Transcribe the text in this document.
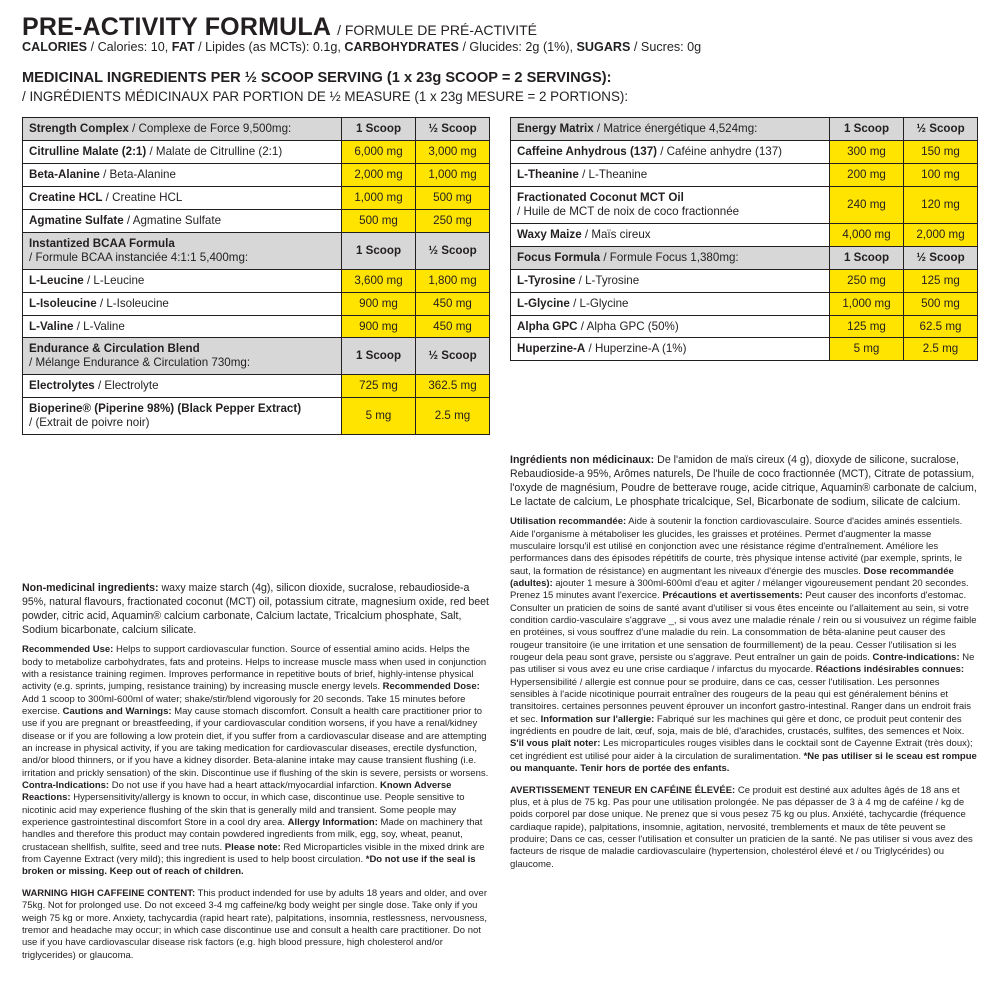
PRE-ACTIVITY FORMULA / FORMULE DE PRÉ-ACTIVITÉ
CALORIES / Calories: 10, FAT / Lipides (as MCTs): 0.1g, CARBOHYDRATES / Glucides: 2g (1%), SUGARS / Sucres: 0g
MEDICINAL INGREDIENTS PER ½ SCOOP SERVING (1 x 23g SCOOP = 2 SERVINGS):
/ INGRÉDIENTS MÉDICINAUX PAR PORTION DE ½ MEASURE (1 x 23g MESURE = 2 PORTIONS):
Strength Complex / Complexe de Force 9,500mg:	1 Scoop	½ Scoop
Citrulline Malate (2:1) / Malate de Citrulline (2:1)	6,000 mg	3,000 mg
Beta-Alanine / Beta-Alanine	2,000 mg	1,000 mg
Creatine HCL / Creatine HCL	1,000 mg	500 mg
Agmatine Sulfate / Agmatine Sulfate	500 mg	250 mg
Instantized BCAA Formula
/ Formule BCAA instanciée 4:1:1 5,400mg:	1 Scoop	½ Scoop
L-Leucine / L-Leucine	3,600 mg	1,800 mg
L-Isoleucine / L-Isoleucine	900 mg	450 mg
L-Valine / L-Valine	900 mg	450 mg
Endurance & Circulation Blend
/ Mélange Endurance & Circulation 730mg:	1 Scoop	½ Scoop
Electrolytes / Electrolyte	725 mg	362.5 mg
Bioperine® (Piperine 98%) (Black Pepper Extract)
/ (Extrait de poivre noir)	5 mg	2.5 mg
Energy Matrix / Matrice énergétique 4,524mg:	1 Scoop	½ Scoop
Caffeine Anhydrous (137) / Caféine anhydre (137)	300 mg	150 mg
L-Theanine / L-Theanine	200 mg	100 mg
Fractionated Coconut MCT Oil
/ Huile de MCT de noix de coco fractionnée	240 mg	120 mg
Waxy Maize / Maïs cireux	4,000 mg	2,000 mg
Focus Formula / Formule Focus 1,380mg:	1 Scoop	½ Scoop
L-Tyrosine / L-Tyrosine	250 mg	125 mg
L-Glycine / L-Glycine	1,000 mg	500 mg
Alpha GPC / Alpha GPC (50%)	125 mg	62.5 mg
Huperzine-A / Huperzine-A (1%)	5 mg	2.5 mg
Non-medicinal ingredients: waxy maize starch (4g), silicon dioxide, sucralose, rebaudioside-a 95%, natural flavours, fractionated coconut (MCT) oil, potassium citrate, magnesium oxide, red beet powder, citric acid, Aquamin® calcium carbonate, Calcium lactate, Tricalcium phosphate, Salt, Sodium bicarbonate, calcium silicate.
Recommended Use: Helps to support cardiovascular function. Source of essential amino acids. Helps the body to metabolize carbohydrates, fats and proteins. Helps to increase muscle mass when used in conjunction with a resistance training regimen. Improves performance in repetitive bouts of brief, highly-intense physical activity (e.g. sprints, jumping, resistance training) by increasing muscle energy levels. Recommended Dose: Add 1 scoop to 300ml-600ml of water; shake/stir/blend vigorously for 20 seconds. Take 15 minutes before exercise. Cautions and Warnings: May cause stomach discomfort. Consult a health care practitioner prior to use if you are pregnant or breastfeeding, if your cardiovascular condition worsens, if you have a renal/kidney disease or if you are following a low protein diet, if you suffer from a cardiovascular disease and are attempting an increase in physical activity, if you are taking medication for cardiovascular diseases, erectile dysfunction, and/or blood thinners, or if you have a kidney disorder. Beta-alanine intake may cause transient flushing (i.e. irritation and prickly sensation) of the skin. Discontinue use if flushing of the skin is severe, persists or worsens. Contra-Indications: Do not use if you have had a heart attack/myocardial infarction. Known Adverse Reactions: Hypersensitivity/allergy is known to occur, in which case, discontinue use. People sensitive to nicotinic acid may experience flushing of the skin that is generally mild and transient. Some people may experience gastrointestinal discomfort Store in a cool dry area. Allergy Information: Made on machinery that handles and therefore this product may contain powdered ingredients from milk, egg, soy, wheat, peanut, crustacean shellfish, sulfite, seed and tree nuts. Please note: Red Microparticles visible in the mixed drink are from Cayenne Extract (very mild); this ingredient is used to help boost circulation. *Do not use if the seal is broken or missing. Keep out of reach of children.
WARNING HIGH CAFFEINE CONTENT: This product indended for use by adults 18 years and older, and over 75kg. Not for prolonged use. Do not exceed 3-4 mg caffeine/kg body weight per single dose. Take only if you weigh 75 kg or more. Anxiety, tachycardia (rapid heart rate), palpitations, insomnia, restlessness, nervousness, tremor and headache may occur; in which case discontinue use and consult a health care practitioner. Do not use if you have cardiovascular disease risk factors (e.g. high blood pressure, high cholesterol and/or triglycerides) or glaucoma.
Ingrédients non médicinaux: De l'amidon de maïs cireux (4 g), dioxyde de silicone, sucralose, Rebaudioside-a 95%, Arômes naturels, De l'huile de coco fractionnée (MCT), Citrate de potassium, l'oxyde de magnésium, Poudre de betterave rouge, acide citrique, Aquamin® carbonate de calcium, Le lactate de calcium, Le phosphate tricalcique, Sel, Bicarbonate de sodium, silicate de calcium.
Utilisation recommandée: Aide à soutenir la fonction cardiovasculaire. Source d'acides aminés essentiels. Aide l'organisme à métaboliser les glucides, les graisses et protéines. Permet d'augmenter la masse musculaire lorsqu'il est utilisé en conjonction avec une résistance régime d'entraînement. Améliore les performances dans des épisodes répétitifs de courte, très physique intense activité (par exemple, sprints, le saut, la formation de résistance) en augmentant les niveaux d'énergie des muscles. Dose recommandée (adultes): ajouter 1 mesure à 300ml-600ml d'eau et agiter / mélanger vigoureusement pendant 20 secondes. Prenez 15 minutes avant l'exercice. Précautions et avertissements: Peut causer des inconforts d'estomac. Consulter un praticien de soins de santé avant d'utiliser si vous êtes enceinte ou l'allaitement au sein, si votre condition cardio-vasculaire s'aggrave _, si vous avez une maladie rénale / rein ou si vousuivez un régime faible en protéines, si vous souffrez d'une maladie du rein. La consommation de bêta-alanine peut causer des rougeur transitoire (ie une irritation et une sensation de fourmillement) de la peau. Cesser l'utilisation si les rougeur dela peau sont grave, persiste ou s'aggrave. Peut entraîner un gain de poids. Contre-indications: Ne pas utiliser si vous avez eu une crise cardiaque / infarctus du myocarde. Réactions indésirables connues: Hypersensibilité / allergie est connue pour se produire, dans ce cas, cesser l'utilisation. Les personnes sensibles à l'acide nicotinique pourrait entraîner des rougeurs de la peau qui est généralement bénins et transitoires. certaines personnes peuvent éprouver un inconfort gastro-intestinal. Ranger dans un endroit frais et sec. Information sur l'allergie: Fabriqué sur les machines qui gère et donc, ce produit peut contenir des ingrédients en poudre de lait, œuf, soja, mais de blé, d'arachides, crustacés, sulfites, des semences et Noix. S'il vous plaît noter: Les microparticules rouges visibles dans le cocktail sont de Cayenne Extrait (très doux); cet ingrédient est utilisé pour aider à la circulation de suralimentation. *Ne pas utiliser si le sceau est rompue ou manquante. Tenir hors de portée des enfants.
AVERTISSEMENT TENEUR EN CAFÉINE ÉLEVÉE: Ce produit est destiné aux adultes âgés de 18 ans et plus, et à plus de 75 kg. Pas pour une utilisation prolongée. Ne pas dépasser de 3 à 4 mg de caféine / kg de poids corporel par dose unique. Ne prenez que si vous pesez 75 kg ou plus. Anxiété, tachycardie (fréquence cardiaque rapide), palpitations, insomnie, agitation, nervosité, tremblements et maux de tête peuvent se produire; Dans ce cas, cesser l'utilisation et consulter un praticien de la santé. Ne pas utiliser si vous avez des facteurs de risque de maladie cardiovasculaire (hypertension, cholestérol élevé et / ou Triglycérides) ou glaucome.
